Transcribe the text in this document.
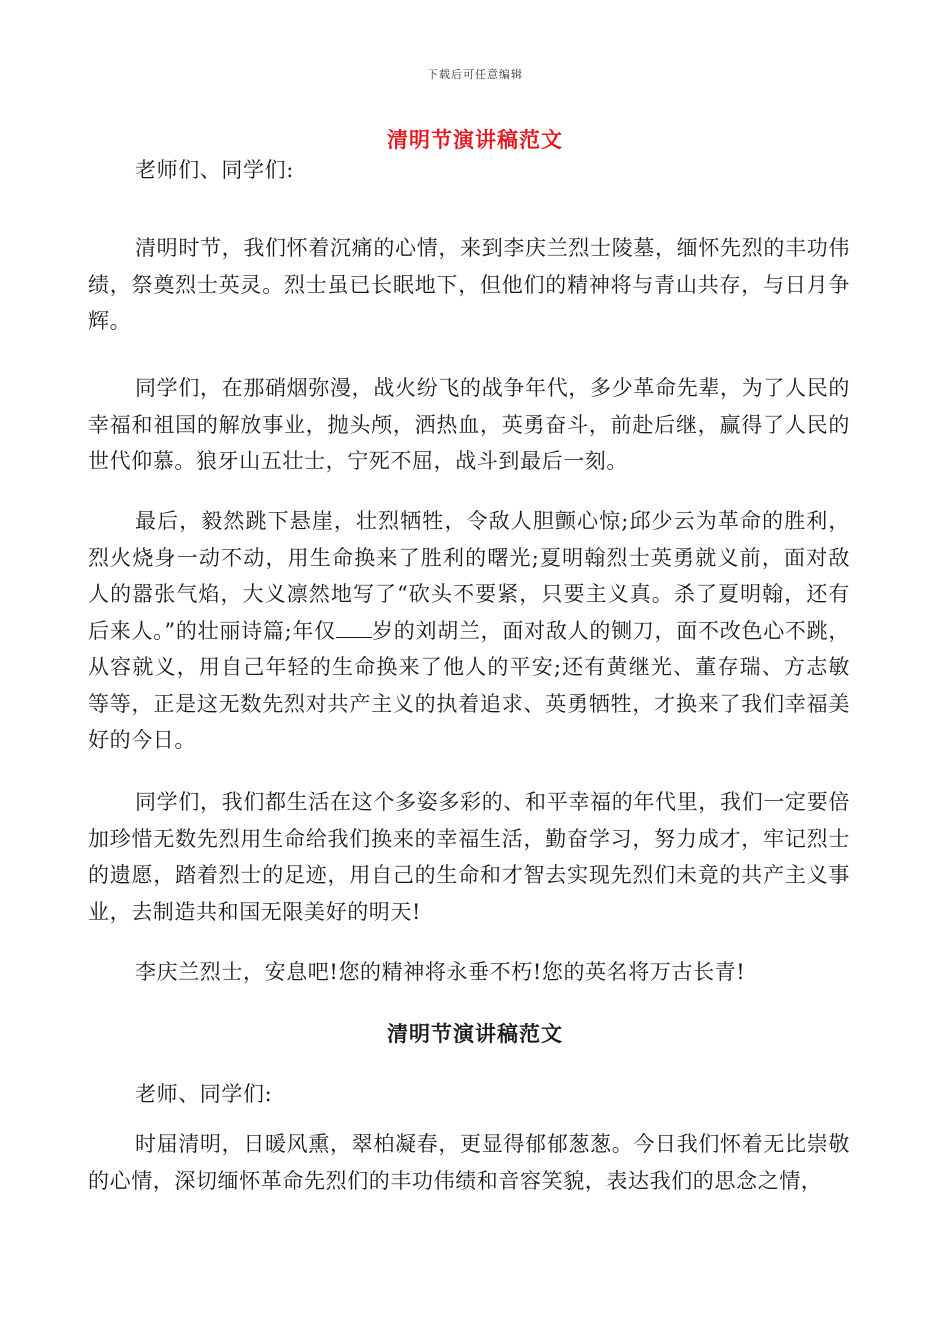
下载后可任意编辑
清明节演讲稿范文

老师们、同学们:

清明时节，我们怀着沉痛的心情，来到李庆兰烈士陵墓，缅怀先烈的丰功伟绩，祭奠烈士英灵。烈士虽已长眠地下，但他们的精神将与青山共存，与日月争辉。

同学们，在那硝烟弥漫，战火纷飞的战争年代，多少革命先辈，为了人民的幸福和祖国的解放事业，抛头颅，洒热血，英勇奋斗，前赴后继，赢得了人民的世代仰慕。狼牙山五壮士，宁死不屈，战斗到最后一刻。

最后，毅然跳下悬崖，壮烈牺牲，令敌人胆颤心惊;邱少云为革命的胜利，烈火烧身一动不动，用生命换来了胜利的曙光;夏明翰烈士英勇就义前，面对敌人的嚣张气焰，大义凛然地写了“砍头不要紧，只要主义真。杀了夏明翰，还有后来人。”的壮丽诗篇;年仅 岁的刘胡兰，面对敌人的铡刀，面不改色心不跳，从容就义，用自己年轻的生命换来了他人的平安;还有黄继光、董存瑞、方志敏等等，正是这无数先烈对共产主义的执着追求、英勇牺牲，才换来了我们幸福美好的今日。

同学们，我们都生活在这个多姿多彩的、和平幸福的年代里，我们一定要倍加珍惜无数先烈用生命给我们换来的幸福生活，勤奋学习，努力成才，牢记烈士的遗愿，踏着烈士的足迹，用自己的生命和才智去实现先烈们未竟的共产主义事业，去制造共和国无限美好的明天!

李庆兰烈士，安息吧!您的精神将永垂不朽!您的英名将万古长青!

清明节演讲稿范文

老师、同学们:

时届清明，日暖风熏，翠柏凝春，更显得郁郁葱葱。今日我们怀着无比崇敬的心情，深切缅怀革命先烈们的丰功伟绩和音容笑貌，表达我们的思念之情，
